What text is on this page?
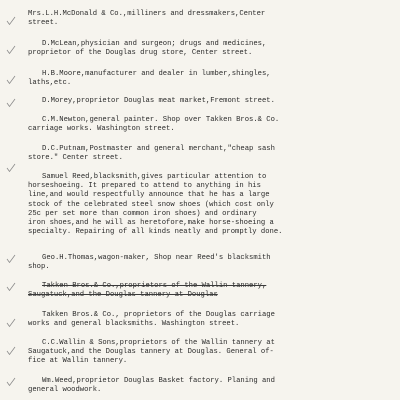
Mrs.L.H.McDonald & Co.,milliners and dressmakers,Center

street.

D.McLean,physician and surgeon; drugs and medicines,

proprietor of the Douglas drug store, Center street.

H.B.Moore,manufacturer and dealer in lumber,shingles,

laths,etc.

D.Morey,proprietor Douglas meat market,Fremont street.

C.M.Newton,general painter. Shop over Takken Bros.& Co.

carriage works. Washington street.

D.C.Putnam,Postmaster and general merchant,"cheap sash

store." Center street.

Samuel Reed,blacksmith,gives particular attention to

horseshoeing. It prepared to attend to anything in his

line,and would respectfully announce that he has a large

stock of the celebrated steel snow shoes (which cost only

25c per set more than common iron shoes) and ordinary

iron shoes,and he will as heretofore,make horse-shoeing a

specialty. Repairing of all kinds neatly and promptly done.

Geo.H.Thomas,wagon-maker, Shop near Reed's blacksmith

shop.

Takken Bros.& Co.,proprietors of the Wallin tannery,

Saugatuck,and the Douglas tannery at Douglas

Takken Bros.& Co., proprietors of the Douglas carriage

works and general blacksmiths. Washington street.

C.C.Wallin & Sons,proprietors of the Wallin tannery at

Saugatuck,and the Douglas tannery at Douglas. General of-

fice at Wallin tannery.

Wm.Weed,proprietor Douglas Basket factory. Planing and

general woodwork.
